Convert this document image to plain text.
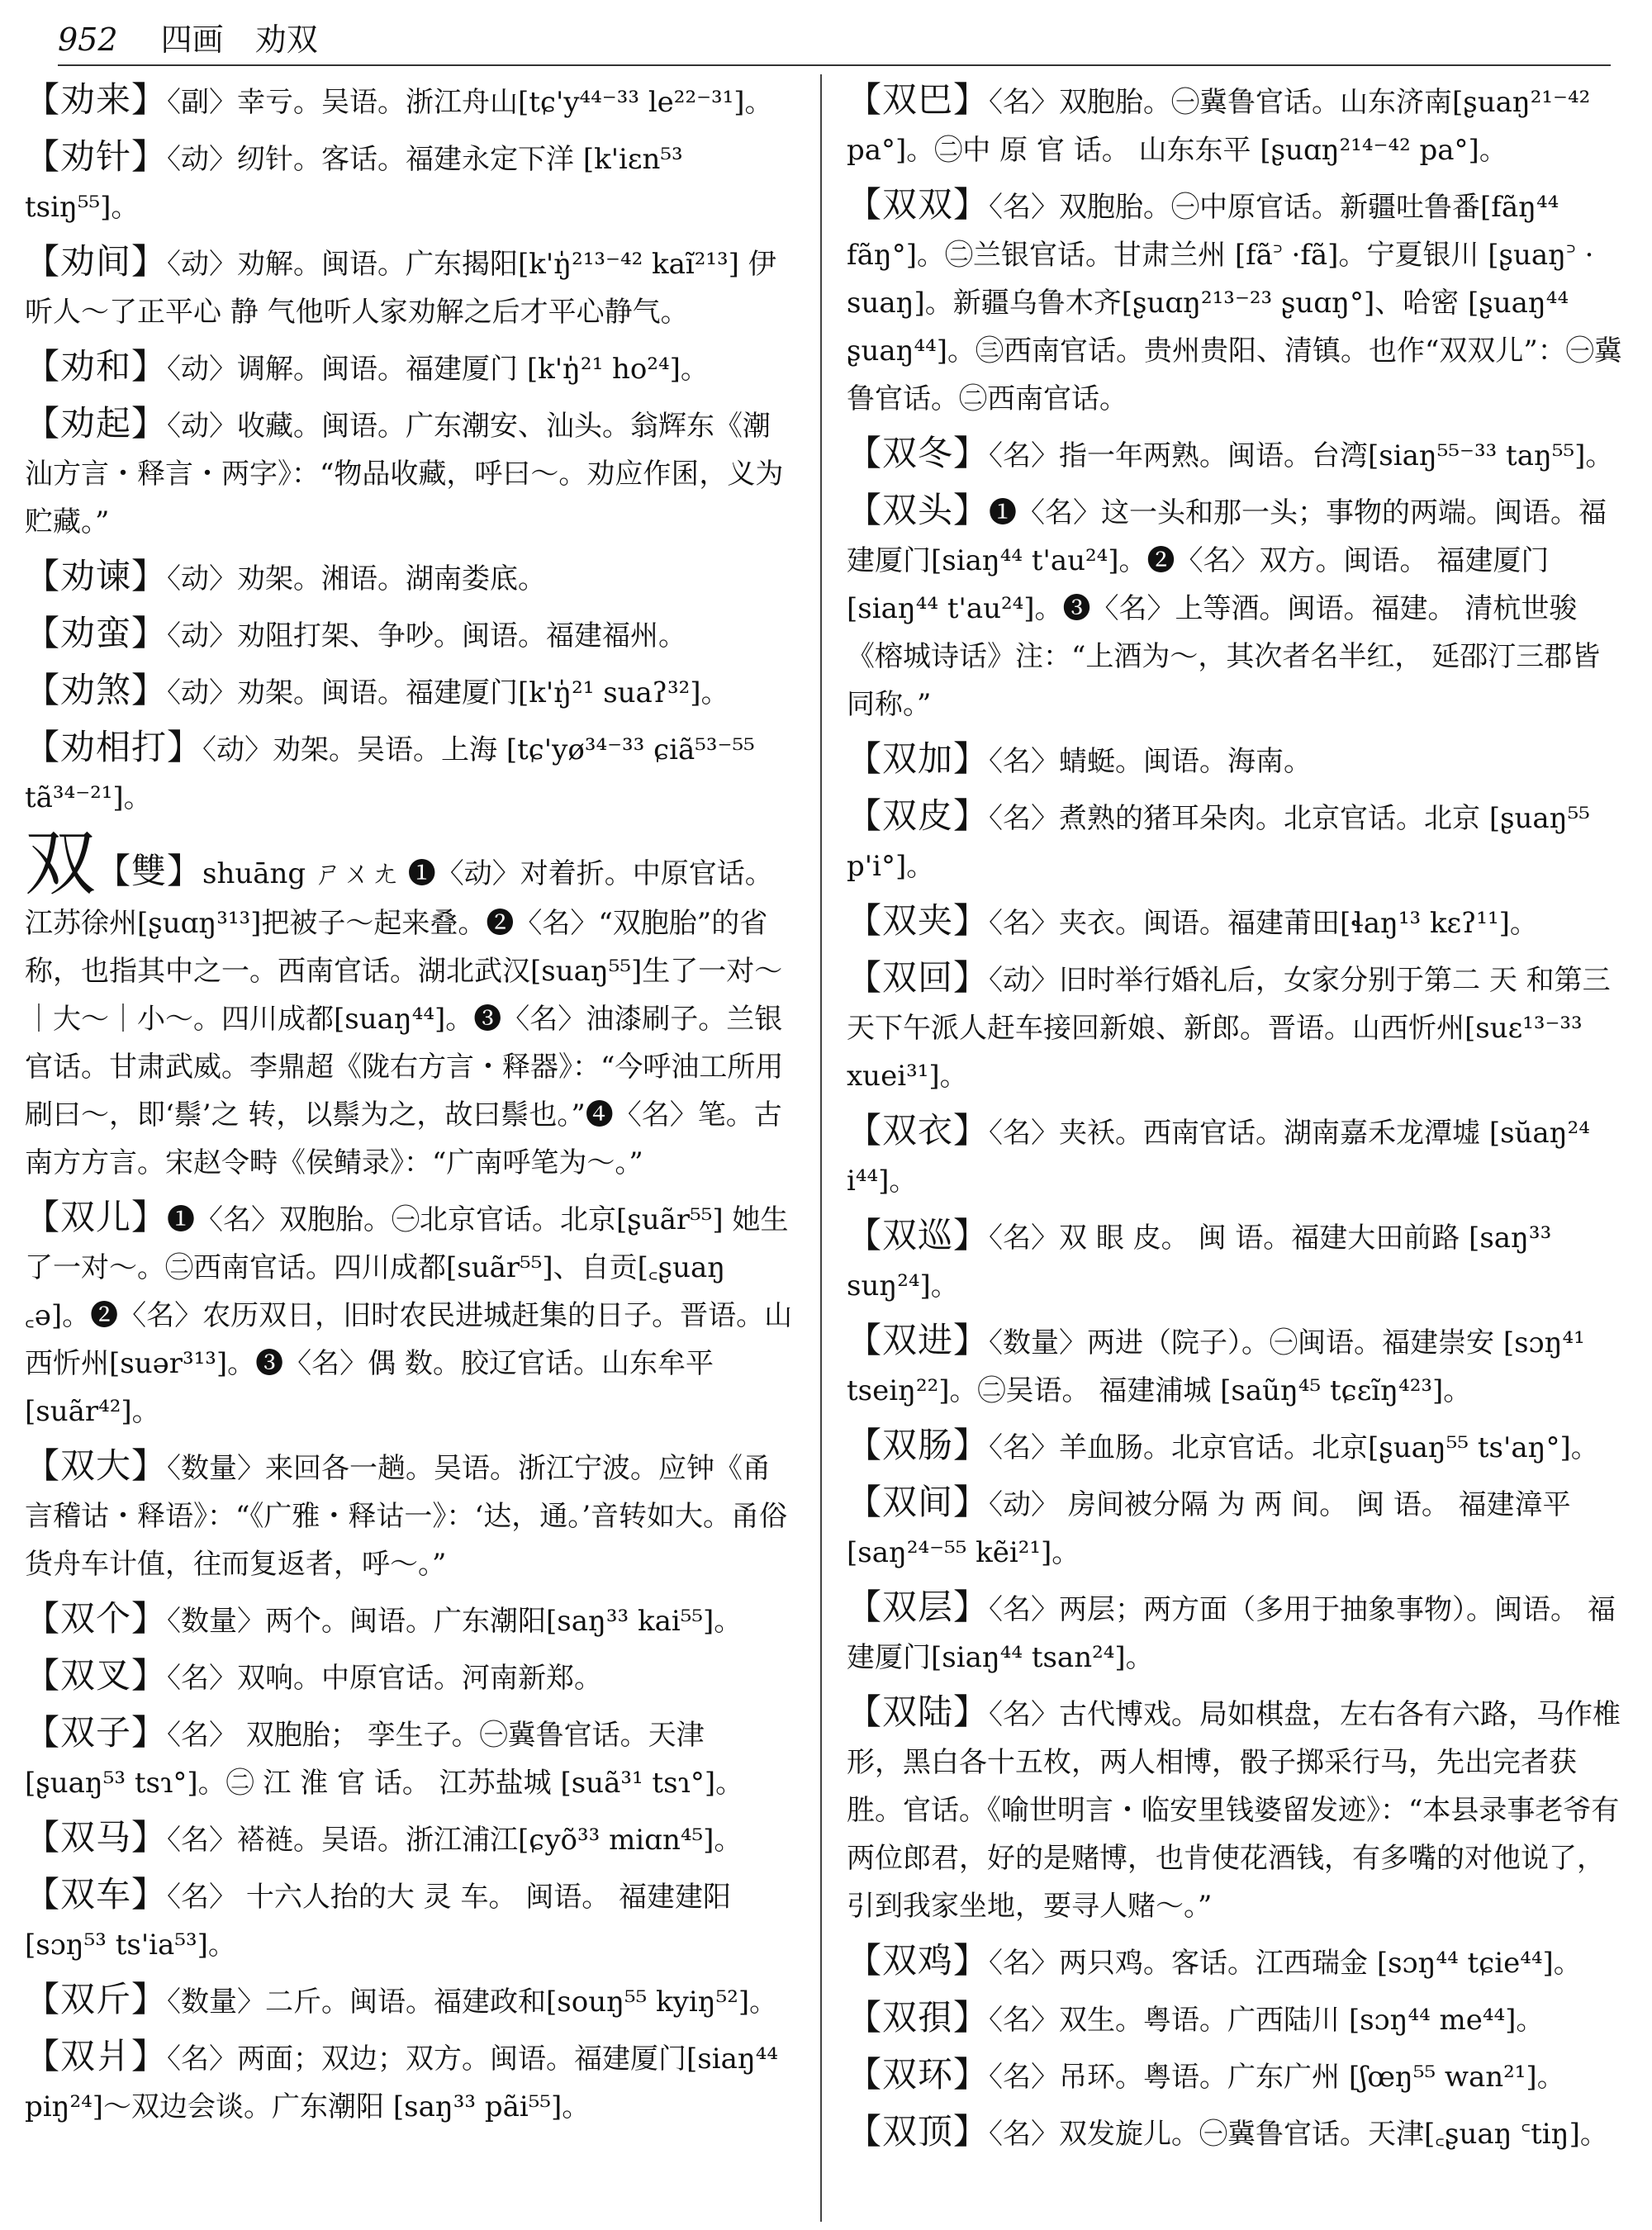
952 四画 劝双

【劝来】〈副〉幸亏。吴语。浙江舟山[tɕ'y⁴⁴⁻³³ le²²⁻³¹]。

【劝针】〈动〉纫针。客话。福建永定下洋 [k'iɛn⁵³ tsiŋ⁵⁵]。

【劝间】〈动〉劝解。闽语。广东揭阳[k'ŋ̍²¹³⁻⁴² kaĩ²¹³] 伊听人～了正平心 静 气他听人家劝解之后才平心静气。

【劝和】〈动〉调解。闽语。福建厦门 [k'ŋ̍²¹ ho²⁴]。

【劝起】〈动〉收藏。闽语。广东潮安、汕头。翁辉东《潮汕方言・释言・两字》：“物品收藏，呼曰～。劝应作囷，义为贮藏。”

【劝谏】〈动〉劝架。湘语。湖南娄底。

【劝蛮】〈动〉劝阻打架、争吵。闽语。福建福州。

【劝煞】〈动〉劝架。闽语。福建厦门[k'ŋ̍²¹ suaʔ³²]。

【劝相打】〈动〉劝架。吴语。上海 [tɕ'yø³⁴⁻³³ ɕiã⁵³⁻⁵⁵ tã³⁴⁻²¹]。

双【雙】shuāng ㄕㄨㄤ ❶〈动〉对着折。中原官话。江苏徐州[ʂuɑŋ³¹³]把被子～起来叠。❷〈名〉“双胞胎”的省称，也指其中之一。西南官话。湖北武汉[suaŋ⁵⁵]生了一对～｜大～｜小～。四川成都[suaŋ⁴⁴]。❸〈名〉油漆刷子。兰银官话。甘肃武威。李鼎超《陇右方言・释器》：“今呼油工所用刷曰～，即‘鬃’之 转，以鬃为之，故曰鬃也。”❹〈名〉笔。古南方方言。宋赵令畤《侯鲭录》：“广南呼笔为～。”

【双儿】❶〈名〉双胞胎。㊀北京官话。北京[ʂuãr⁵⁵] 她生了一对～。㊁西南官话。四川成都[suãr⁵⁵]、自贡[꜀ʂuaŋ ꜀ə]。❷〈名〉农历双日，旧时农民进城赶集的日子。晋语。山西忻州[suər³¹³]。❸〈名〉偶 数。胶辽官话。山东牟平[suãr⁴²]。

【双大】〈数量〉来回各一趟。吴语。浙江宁波。应钟《甬言稽诂・释语》：“《广雅・释诂一》：‘达，通。’音转如大。甬俗货舟车计值，往而复返者，呼～。”

【双个】〈数量〉两个。闽语。广东潮阳[saŋ³³ kai⁵⁵]。

【双叉】〈名〉双响。中原官话。河南新郑。

【双子】〈名〉 双胞胎； 孪生子。㊀冀鲁官话。天津 [ʂuaŋ⁵³ tsɿ°]。㊁ 江 淮 官 话。 江苏盐城 [suã³¹ tsɿ°]。

【双马】〈名〉褡裢。吴语。浙江浦江[ɕyõ³³ miɑn⁴⁵]。

【双车】〈名〉 十六人抬的大 灵 车。 闽语。 福建建阳 [sɔŋ⁵³ ts'ia⁵³]。

【双斤】〈数量〉二斤。闽语。福建政和[souŋ⁵⁵ kyiŋ⁵²]。

【双爿】〈名〉两面；双边；双方。闽语。福建厦门[siaŋ⁴⁴ piŋ²⁴]～双边会谈。广东潮阳 [saŋ³³ pãi⁵⁵]。

【双巴】〈名〉双胞胎。㊀冀鲁官话。山东济南[ʂuaŋ²¹⁻⁴² pa°]。㊁中 原 官 话。 山东东平 [ʂuɑŋ²¹⁴⁻⁴² pa°]。

【双双】〈名〉双胞胎。㊀中原官话。新疆吐鲁番[fãŋ⁴⁴ fãŋ°]。㊁兰银官话。甘肃兰州 [fã꜄ ·fã]。宁夏银川 [ʂuaŋ꜄ · suaŋ]。新疆乌鲁木齐[ʂuɑŋ²¹³⁻²³ ʂuɑŋ°]、哈密 [ʂuaŋ⁴⁴ ʂuaŋ⁴⁴]。㊂西南官话。贵州贵阳、清镇。也作“双双儿”：㊀冀鲁官话。㊁西南官话。

【双冬】〈名〉指一年两熟。闽语。台湾[siaŋ⁵⁵⁻³³ taŋ⁵⁵]。

【双头】❶〈名〉这一头和那一头；事物的两端。闽语。福建厦门[siaŋ⁴⁴ t'au²⁴]。❷〈名〉双方。闽语。 福建厦门[siaŋ⁴⁴ t'au²⁴]。❸〈名〉上等酒。闽语。福建。 清杭世骏《榕城诗话》注：“上酒为～，其次者名半红， 延邵汀三郡皆同称。”

【双加】〈名〉蜻蜓。闽语。海南。

【双皮】〈名〉煮熟的猪耳朵肉。北京官话。北京 [ʂuaŋ⁵⁵ p'i°]。

【双夹】〈名〉夹衣。闽语。福建莆田[ɬaŋ¹³ kɛʔ¹¹]。

【双回】〈动〉旧时举行婚礼后，女家分别于第二 天 和第三天下午派人赶车接回新娘、新郎。晋语。山西忻州[suɛ¹³⁻³³ xuei³¹]。

【双衣】〈名〉夹袄。西南官话。湖南嘉禾龙潭墟 [sŭaŋ²⁴ i⁴⁴]。

【双巡】〈名〉双 眼 皮。 闽 语。福建大田前路 [saŋ³³ suŋ²⁴]。

【双进】〈数量〉两进（院子）。㊀闽语。福建崇安 [sɔŋ⁴¹ tseiŋ²²]。㊁吴语。 福建浦城 [saũŋ⁴⁵ tɕɛĩŋ⁴²³]。

【双肠】〈名〉羊血肠。北京官话。北京[ʂuaŋ⁵⁵ ts'aŋ°]。

【双间】〈动〉 房间被分隔 为 两 间。 闽 语。 福建漳平 [saŋ²⁴⁻⁵⁵ kẽi²¹]。

【双层】〈名〉两层；两方面（多用于抽象事物）。闽语。 福建厦门[siaŋ⁴⁴ tsan²⁴]。

【双陆】〈名〉古代博戏。局如棋盘，左右各有六路，马作椎形，黑白各十五枚，两人相博，骰子掷采行马，先出完者获胜。官话。《喻世明言・临安里钱婆留发迹》：“本县录事老爷有两位郎君，好的是赌博，也肯使花酒钱，有多嘴的对他说了，引到我家坐地，要寻人赌～。”

【双鸡】〈名〉两只鸡。客话。江西瑞金 [sɔŋ⁴⁴ tɕie⁴⁴]。

【双孭】〈名〉双生。粤语。广西陆川 [sɔŋ⁴⁴ me⁴⁴]。

【双环】〈名〉吊环。粤语。广东广州 [ʃœŋ⁵⁵ wan²¹]。

【双顶】〈名〉双发旋儿。㊀冀鲁官话。天津[꜀ʂuaŋ ꜂tiŋ]。
